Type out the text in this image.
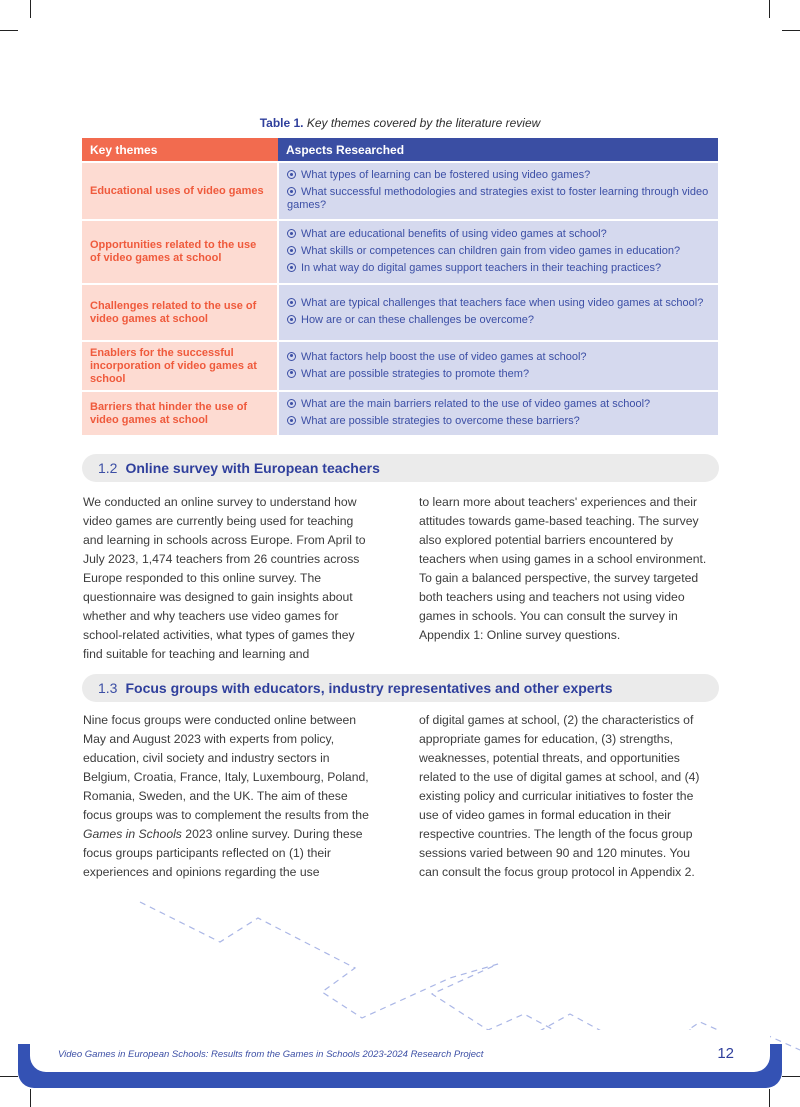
Table 1. Key themes covered by the literature review
Key themes	Aspects Researched
Educational uses of video games	What types of learning can be fostered using video games?
What successful methodologies and strategies exist to foster learning through video games?

Opportunities related to the use of video games at school	What are educational benefits of using video games at school?
What skills or competences can children gain from video games in education?
In what way do digital games support teachers in their teaching practices?

Challenges related to the use of video games at school	What are typical challenges that teachers face when using video games at school?
How are or can these challenges be overcome?

Enablers for the successful incorporation of video games at school	What factors help boost the use of video games at school?
What are possible strategies to promote them?

Barriers that hinder the use of video games at school	What are the main barriers related to the use of video games at school?
What are possible strategies to overcome these barriers?
1.2 Online survey with European teachers

We conducted an online survey to understand how video games are currently being used for teaching and learning in schools across Europe. From April to July 2023, 1,474 teachers from 26 countries across Europe responded to this online survey. The questionnaire was designed to gain insights about whether and why teachers use video games for school-related activities, what types of games they find suitable for teaching and learning and

to learn more about teachers' experiences and their attitudes towards game-based teaching. The survey also explored potential barriers encountered by teachers when using games in a school environment. To gain a balanced perspective, the survey targeted both teachers using and teachers not using video games in schools. You can consult the survey in Appendix 1: Online survey questions.

1.3 Focus groups with educators, industry representatives and other experts

Nine focus groups were conducted online between May and August 2023 with experts from policy, education, civil society and industry sectors in Belgium, Croatia, France, Italy, Luxembourg, Poland, Romania, Sweden, and the UK. The aim of these focus groups was to complement the results from the Games in Schools 2023 online survey. During these focus groups participants reflected on (1) their experiences and opinions regarding the use

of digital games at school, (2) the characteristics of appropriate games for education, (3) strengths, weaknesses, potential threats, and opportunities related to the use of digital games at school, and (4) existing policy and curricular initiatives to foster the use of video games in formal education in their respective countries. The length of the focus group sessions varied between 90 and 120 minutes. You can consult the focus group protocol in Appendix 2.

Video Games in European Schools: Results from the Games in Schools 2023-2024 Research Project	12
